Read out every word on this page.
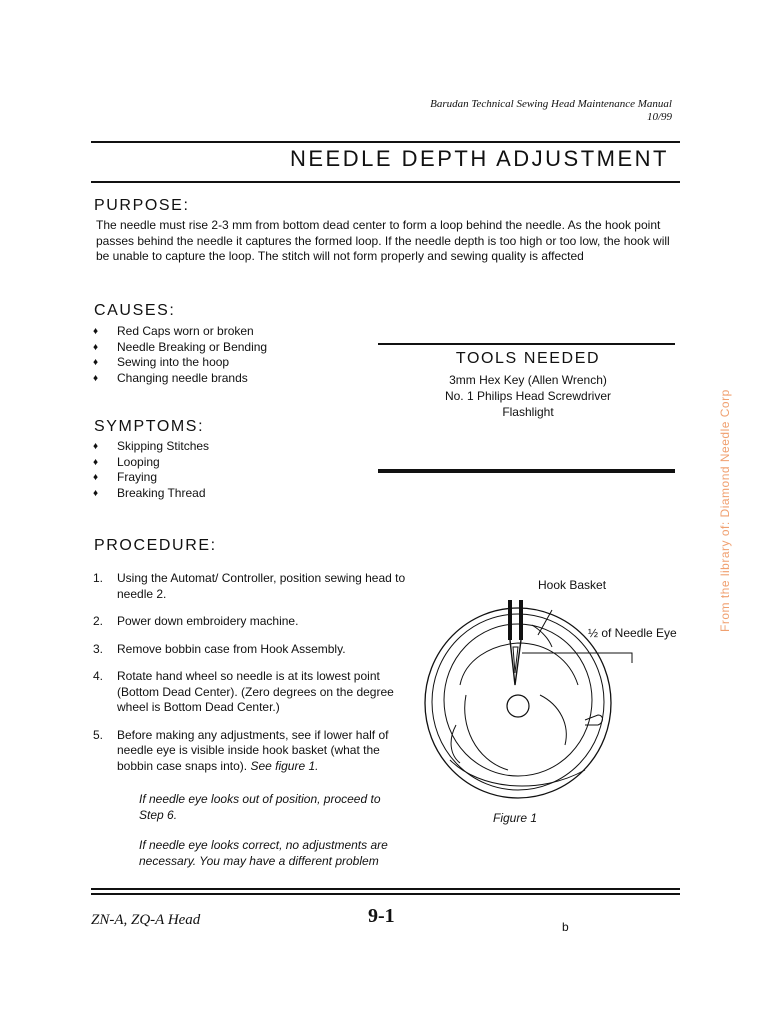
Barudan Technical Sewing Head Maintenance Manual
10/99
NEEDLE DEPTH ADJUSTMENT
PURPOSE:
The needle must rise 2-3 mm from bottom dead center to form a loop behind the needle. As the hook point passes behind the needle it captures the formed loop. If the needle depth is too high or too low, the hook will be unable to capture the loop. The stitch will not form properly and sewing quality is affected
CAUSES:
♦ Red Caps worn or broken
♦ Needle Breaking or Bending
♦ Sewing into the hoop
♦ Changing needle brands
TOOLS NEEDED
3mm Hex Key (Allen Wrench)
No. 1 Philips Head Screwdriver
Flashlight
SYMPTOMS:
♦ Skipping Stitches
♦ Looping
♦ Fraying
♦ Breaking Thread
PROCEDURE:
1. Using the Automat/ Controller, position sewing head to needle 2.
2. Power down embroidery machine.
3. Remove bobbin case from Hook Assembly.
4. Rotate hand wheel so needle is at its lowest point (Bottom Dead Center). (Zero degrees on the degree wheel is Bottom Dead Center.)
5. Before making any adjustments, see if lower half of needle eye is visible inside hook basket (what the bobbin case snaps into). See figure 1.
If needle eye looks out of position, proceed to Step 6.
If needle eye looks correct, no adjustments are necessary. You may have a different problem
Hook Basket
½ of Needle Eye
Figure 1
ZN-A, ZQ-A Head	9-1	b
From the library of: Diamond Needle Corp
